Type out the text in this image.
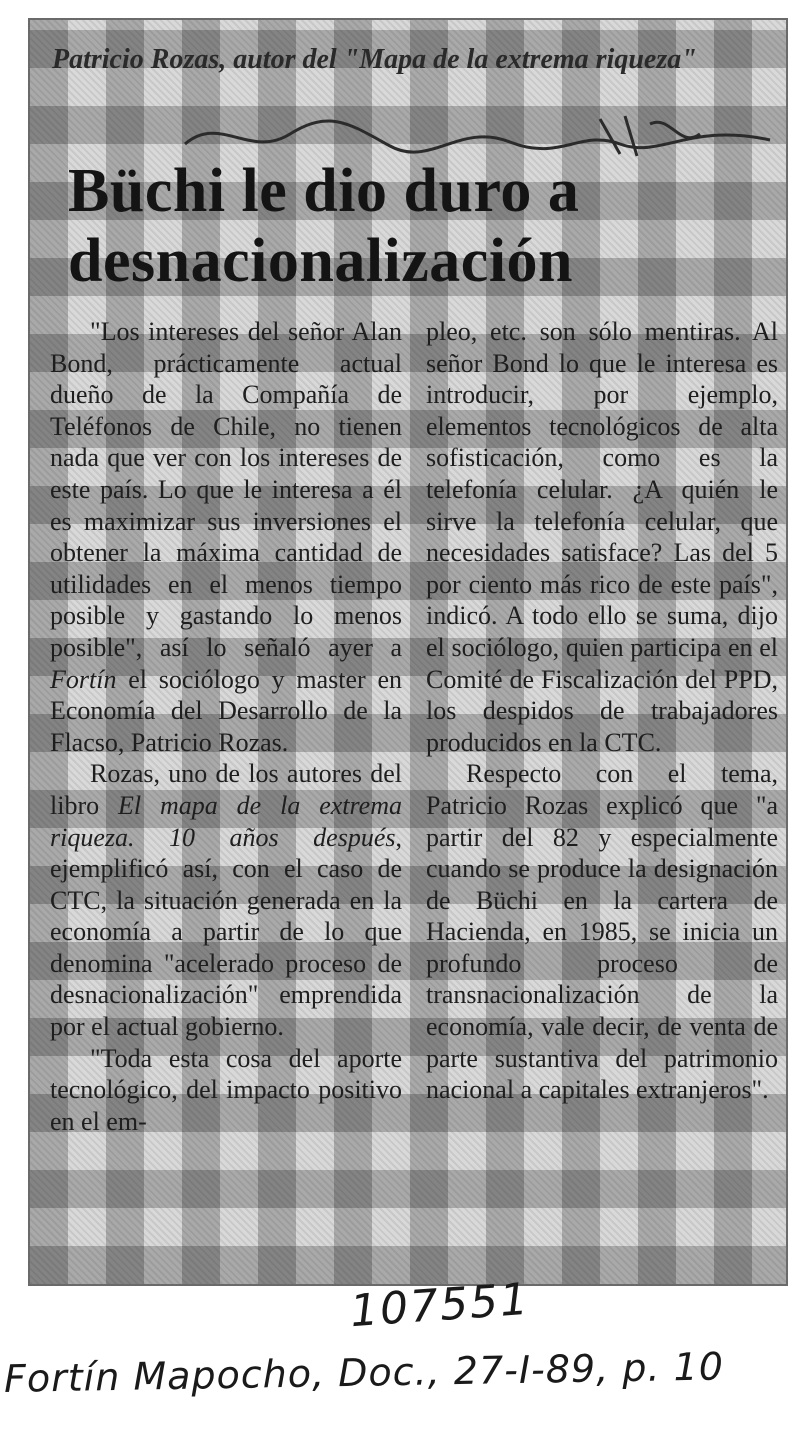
Patricio Rozas, autor del "Mapa de la extrema riqueza"
Büchi le dio duro a
desnacionalización

"Los intereses del señor Alan Bond, prácticamente actual dueño de la Compañía de Teléfonos de Chile, no tienen nada que ver con los intereses de este país. Lo que le interesa a él es maximizar sus inversiones el obtener la máxima cantidad de utilidades en el menos tiempo posible y gastando lo menos posible", así lo señaló ayer a Fortín el sociólogo y master en Economía del Desarrollo de la Flacso, Patricio Rozas.

Rozas, uno de los autores del libro El mapa de la extrema riqueza. 10 años después, ejemplificó así, con el caso de CTC, la situación generada en la economía a partir de lo que denomina "acelerado proceso de desnacionalización" emprendida por el actual gobierno.

"Toda esta cosa del aporte tecnológico, del impacto positivo en el em-

pleo, etc. son sólo mentiras. Al señor Bond lo que le interesa es introducir, por ejemplo, elementos tecnológicos de alta sofisticación, como es la telefonía celular. ¿A quién le sirve la telefonía celular, que necesidades satisface? Las del 5 por ciento más rico de este país", indicó. A todo ello se suma, dijo el sociólogo, quien participa en el Comité de Fiscalización del PPD, los despidos de trabajadores producidos en la CTC.

Respecto con el tema, Patricio Rozas explicó que "a partir del 82 y especialmente cuando se produce la designación de Büchi en la cartera de Hacienda, en 1985, se inicia un profundo proceso de transnacionalización de la economía, vale decir, de venta de parte sustantiva del patrimonio nacional a capitales extranjeros".

107551
Fortín Mapocho, Doc., 27-I-89, p. 10
